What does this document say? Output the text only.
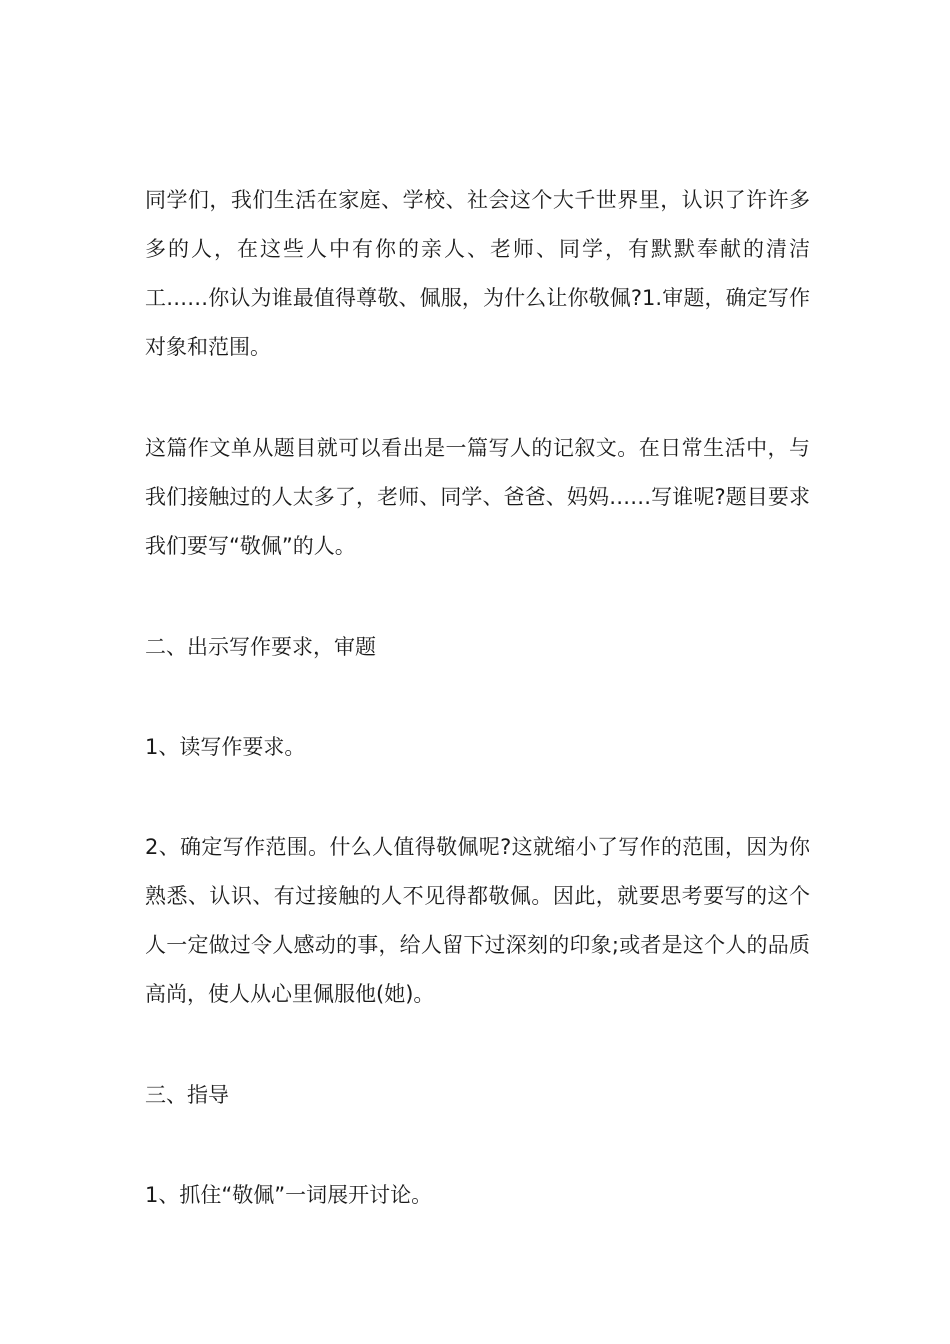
同学们，我们生活在家庭、学校、社会这个大千世界里，认识了许许多多的人，在这些人中有你的亲人、老师、同学，有默默奉献的清洁工……你认为谁最值得尊敬、佩服，为什么让你敬佩?1.审题，确定写作对象和范围。

这篇作文单从题目就可以看出是一篇写人的记叙文。在日常生活中，与我们接触过的人太多了，老师、同学、爸爸、妈妈……写谁呢?题目要求我们要写“敬佩”的人。

二、出示写作要求，审题

1、读写作要求。

2、确定写作范围。什么人值得敬佩呢?这就缩小了写作的范围，因为你熟悉、认识、有过接触的人不见得都敬佩。因此，就要思考要写的这个人一定做过令人感动的事，给人留下过深刻的印象;或者是这个人的品质高尚，使人从心里佩服他(她)。

三、指导

1、抓住“敬佩”一词展开讨论。
